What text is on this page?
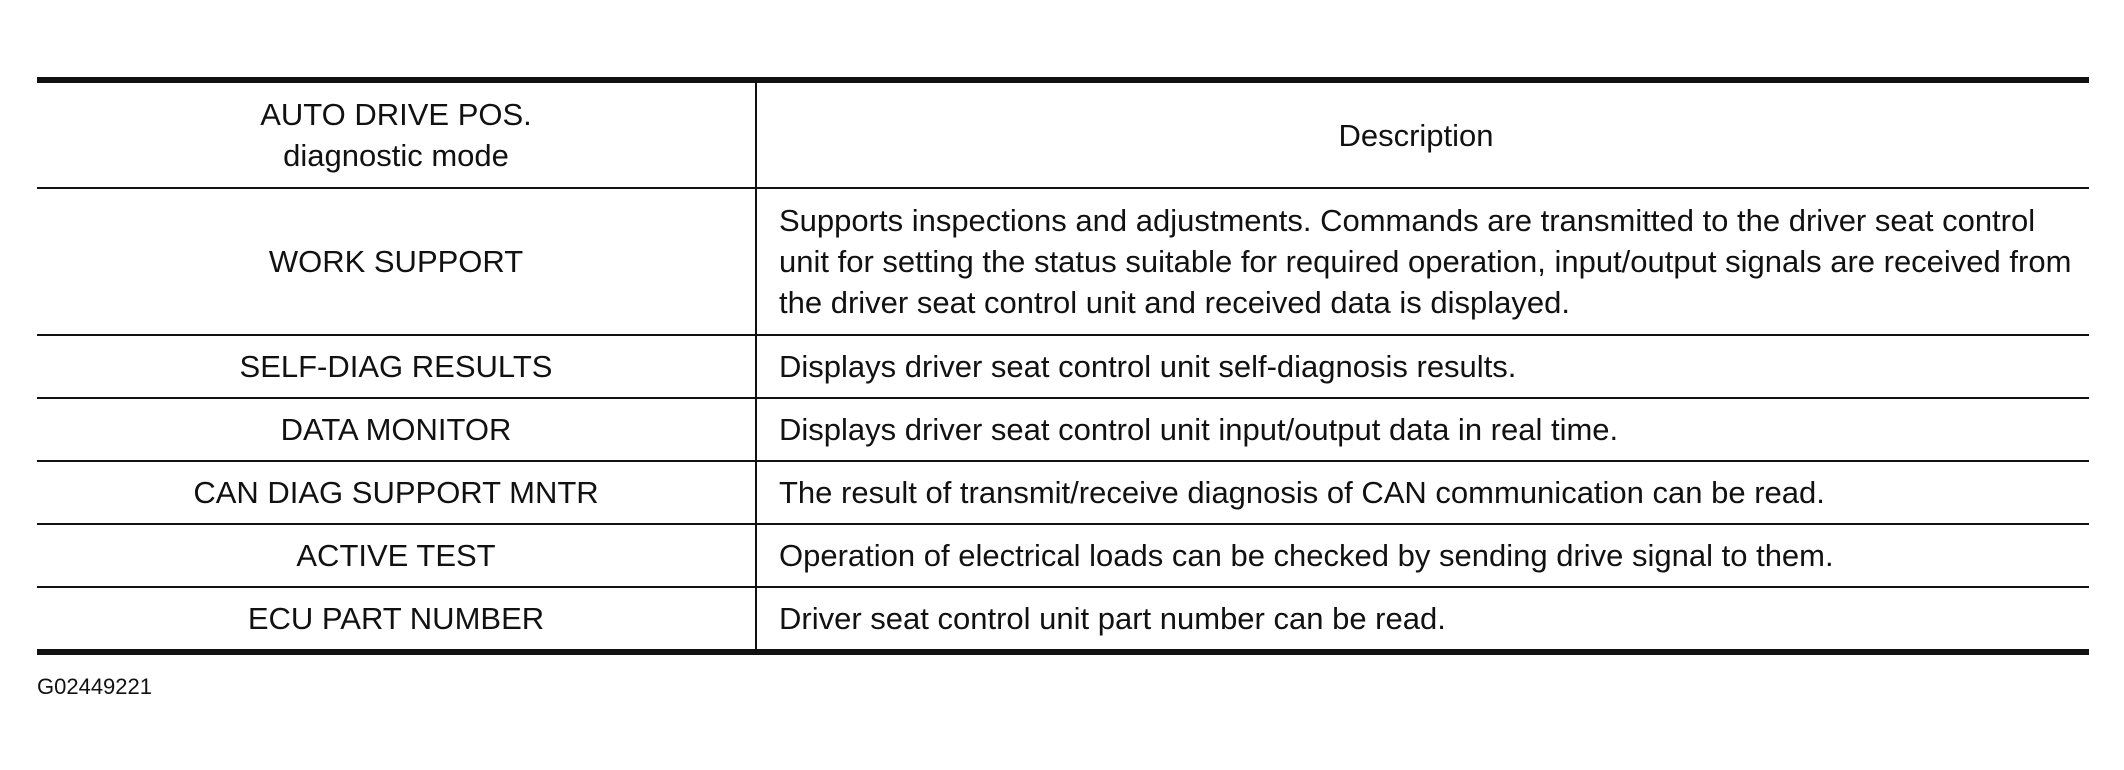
AUTO DRIVE POS.
diagnostic mode	Description
WORK SUPPORT	Supports inspections and adjustments. Commands are transmitted to the driver seat control unit for setting the status suitable for required operation, input/output signals are received from the driver seat control unit and received data is displayed.
SELF-DIAG RESULTS	Displays driver seat control unit self-diagnosis results.
DATA MONITOR	Displays driver seat control unit input/output data in real time.
CAN DIAG SUPPORT MNTR	The result of transmit/receive diagnosis of CAN communication can be read.
ACTIVE TEST	Operation of electrical loads can be checked by sending drive signal to them.
ECU PART NUMBER	Driver seat control unit part number can be read.
G02449221
